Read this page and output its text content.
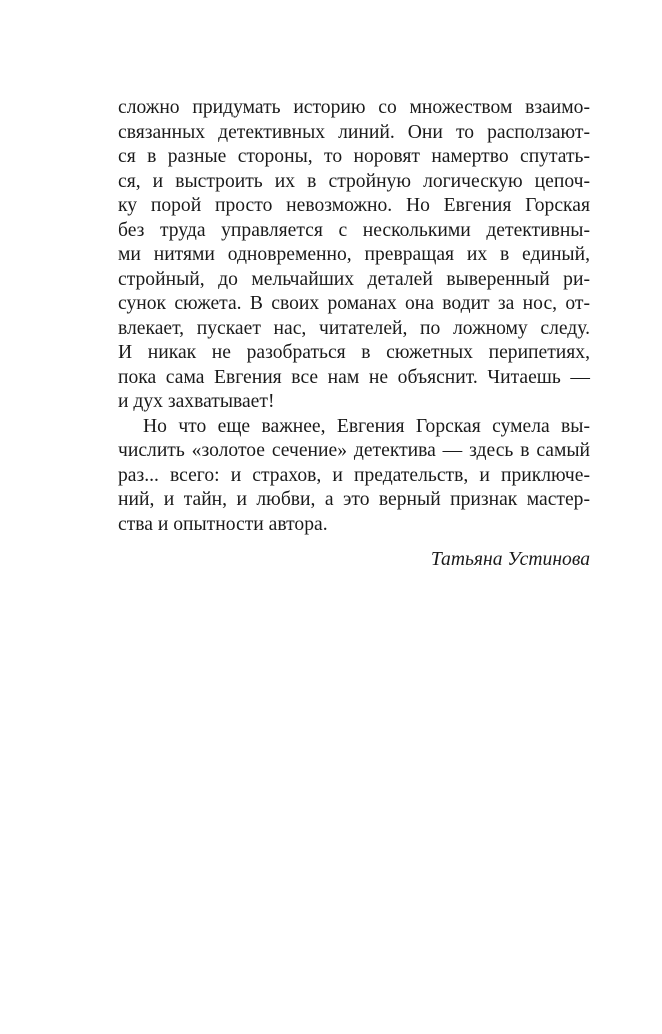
сложно придумать историю со множеством взаимо-
связанных детективных линий. Они то расползают-
ся в разные стороны, то норовят намертво спутать-
ся, и выстроить их в стройную логическую цепоч-
ку порой просто невозможно. Но Евгения Горская
без труда управляется с несколькими детективны-
ми нитями одновременно, превращая их в единый,
стройный, до мельчайших деталей выверенный ри-
сунок сюжета. В своих романах она водит за нос, от-
влекает, пускает нас, читателей, по ложному следу.
И никак не разобраться в сюжетных перипетиях,
пока сама Евгения все нам не объяснит. Читаешь —
и дух захватывает!
Но что еще важнее, Евгения Горская сумела вы-
числить «золотое сечение» детектива — здесь в самый
раз... всего: и страхов, и предательств, и приключе-
ний, и тайн, и любви, а это верный признак мастер-
ства и опытности автора.
Татьяна Устинова
